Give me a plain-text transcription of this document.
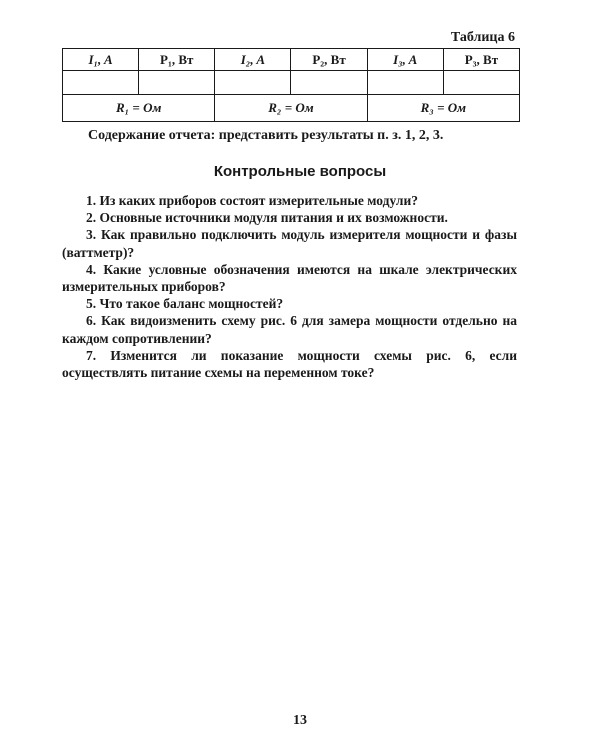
Таблица 6
I₁, A	P₁, Вт	I₂, A	P₂, Вт	I₃, A	P₃, Вт

R₁ = Ом		R₂ = Ом		R₃ = Ом	
Содержание отчета: представить результаты п. з. 1, 2, 3.
Контрольные вопросы

1. Из каких приборов состоят измерительные модули?

2. Основные источники модуля питания и их возможности.

3. Как правильно подключить модуль измерителя мощности и фазы (ваттметр)?

4. Какие условные обозначения имеются на шкале электрических измерительных приборов?

5. Что такое баланс мощностей?

6. Как видоизменить схему рис. 6 для замера мощности отдельно на каждом сопротивлении?

7. Изменится ли показание мощности схемы рис. 6, если осуществлять питание схемы на переменном токе?

13
